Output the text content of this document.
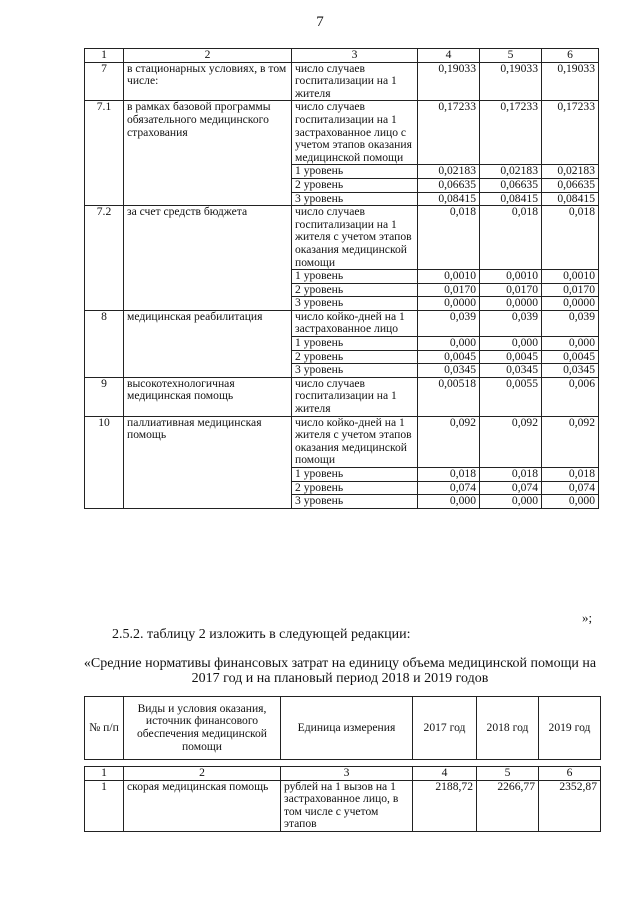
7
1	2	3	4	5	6
7	в стационарных условиях, в том числе:	число случаев госпитализации на 1 жителя	0,19033	0,19033	0,19033
7.1	в рамках базовой программы обязательного медицинского страхования	число случаев госпитализации на 1 застрахованное лицо с учетом этапов оказания медицинской помощи	0,17233	0,17233	0,17233
		1 уровень	0,02183	0,02183	0,02183
		2 уровень	0,06635	0,06635	0,06635
		3 уровень	0,08415	0,08415	0,08415
7.2	за счет средств бюджета	число случаев госпитализации на 1 жителя с учетом этапов оказания медицинской помощи	0,018	0,018	0,018
		1 уровень	0,0010	0,0010	0,0010
		2 уровень	0,0170	0,0170	0,0170
		3 уровень	0,0000	0,0000	0,0000
8	медицинская реабилитация	число койко-дней на 1 застрахованное лицо	0,039	0,039	0,039
		1 уровень	0,000	0,000	0,000
		2 уровень	0,0045	0,0045	0,0045
		3 уровень	0,0345	0,0345	0,0345
9	высокотехнологичная медицинская помощь	число случаев госпитализации на 1 жителя	0,00518	0,0055	0,006
10	паллиативная медицинская помощь	число койко-дней на 1 жителя с учетом этапов оказания медицинской помощи	0,092	0,092	0,092
		1 уровень	0,018	0,018	0,018
		2 уровень	0,074	0,074	0,074
		3 уровень	0,000	0,000	0,000
»;
2.5.2. таблицу 2 изложить в следующей редакции:
«Средние нормативы финансовых затрат на единицу объема медицинской помощи на 2017 год и на плановый период 2018 и 2019 годов
№ п/п	Виды и условия оказания, источник финансового обеспечения медицинской помощи	Единица измерения	2017 год	2018 год	2019 год

1	2	3	4	5	6
1	скорая медицинская помощь	рублей на 1 вызов на 1 застрахованное лицо, в том числе с учетом этапов	2188,72	2266,77	2352,87
